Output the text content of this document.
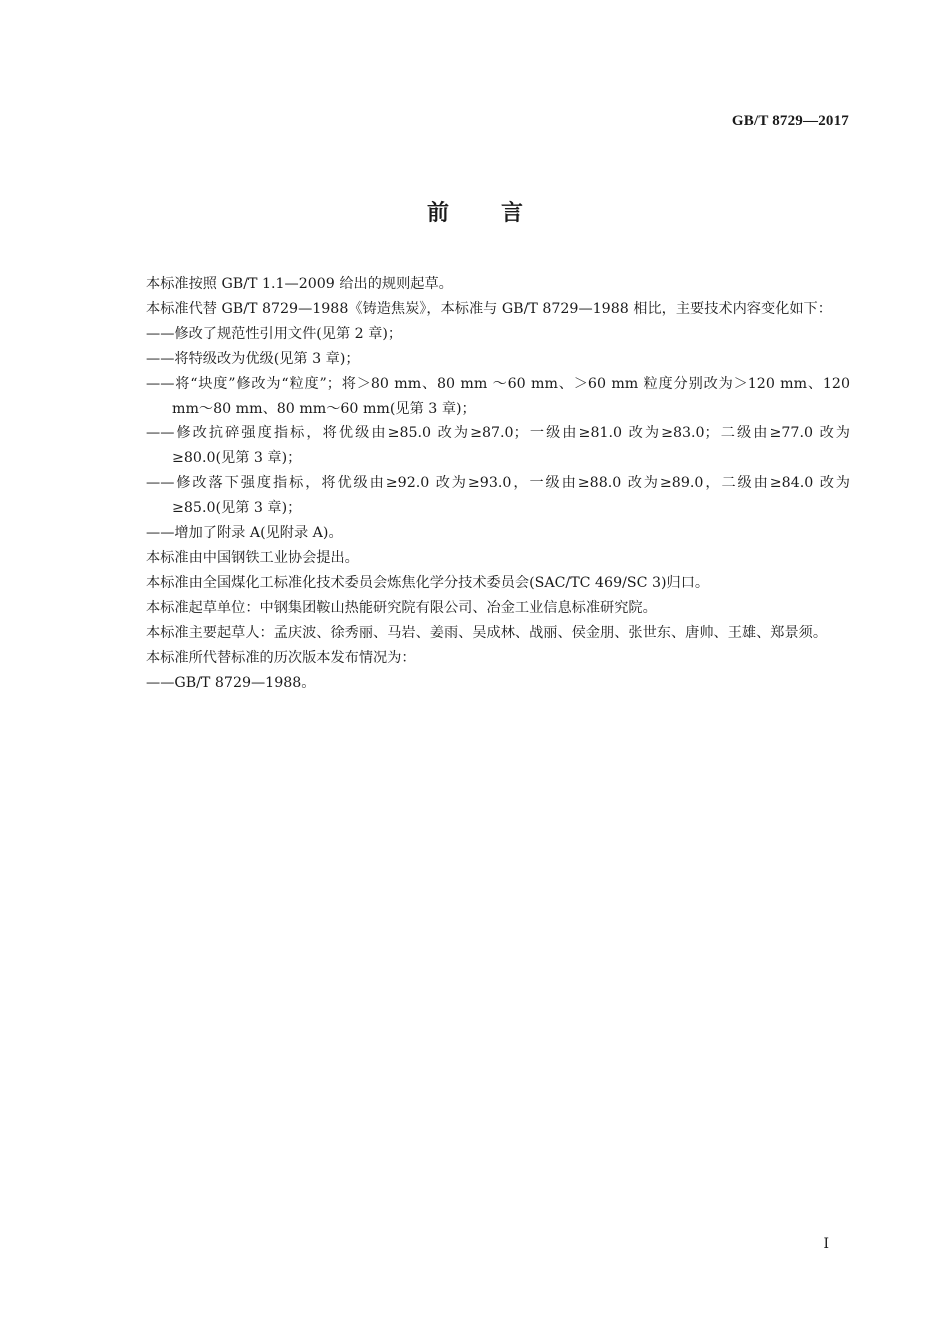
GB/T 8729—2017
前言

本标准按照 GB/T 1.1—2009 给出的规则起草。

本标准代替 GB/T 8729—1988《铸造焦炭》，本标准与 GB/T 8729—1988 相比，主要技术内容变化如下：

——修改了规范性引用文件(见第 2 章)；

——将特级改为优级(见第 3 章)；

——将“块度”修改为“粒度”；将＞80 mm、80 mm ～60 mm、＞60 mm 粒度分别改为＞120 mm、120 mm～80 mm、80 mm～60 mm(见第 3 章)；

——修改抗碎强度指标，将优级由≥85.0 改为≥87.0；一级由≥81.0 改为≥83.0；二级由≥77.0 改为≥80.0(见第 3 章)；

——修改落下强度指标，将优级由≥92.0 改为≥93.0，一级由≥88.0 改为≥89.0，二级由≥84.0 改为≥85.0(见第 3 章)；

——增加了附录 A(见附录 A)。

本标准由中国钢铁工业协会提出。

本标准由全国煤化工标准化技术委员会炼焦化学分技术委员会(SAC/TC 469/SC 3)归口。

本标准起草单位：中钢集团鞍山热能研究院有限公司、冶金工业信息标准研究院。

本标准主要起草人：孟庆波、徐秀丽、马岩、姜雨、吴成林、战丽、侯金朋、张世东、唐帅、王雄、郑景须。

本标准所代替标准的历次版本发布情况为：

——GB/T 8729—1988。

Ⅰ
